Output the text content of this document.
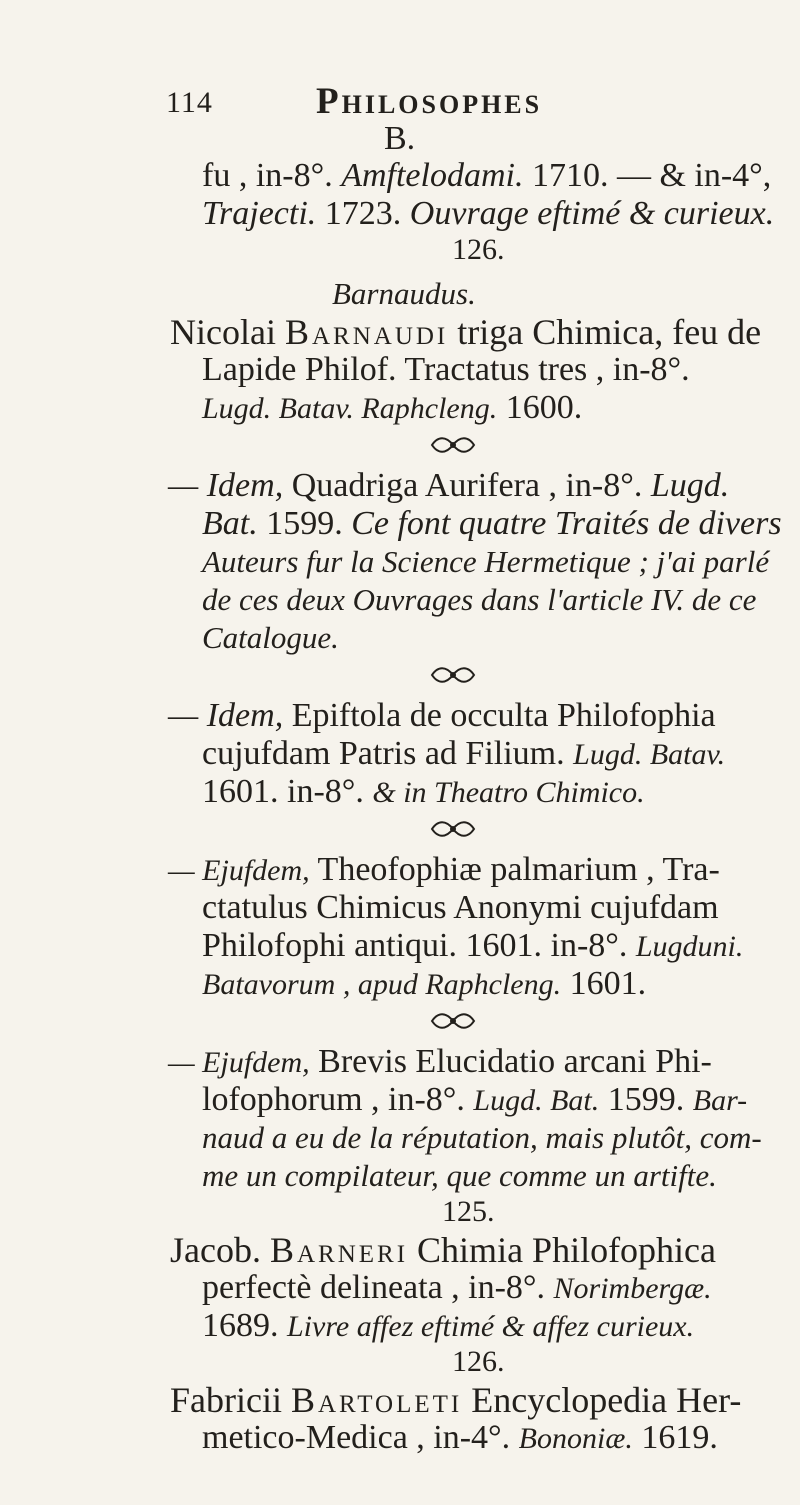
114	Philosophes
B.
fu , in-8°. Amftelodami. 1710. — & in-4°,
Trajecti. 1723. Ouvrage eftimé & curieux.
126.
Barnaudus.
Nicolai Barnaudi triga Chimica, feu de
Lapide Philof. Tractatus tres , in-8°.
Lugd. Batav. Raphcleng. 1600.
— Idem, Quadriga Aurifera , in-8°. Lugd.
Bat. 1599. Ce font quatre Traités de divers
Auteurs fur la Science Hermetique ; j'ai parlé
de ces deux Ouvrages dans l'article IV. de ce
Catalogue.
— Idem, Epiftola de occulta Philofophia
cujufdam Patris ad Filium. Lugd. Batav.
1601. in-8°. & in Theatro Chimico.
— Ejufdem, Theofophiæ palmarium , Tra-
ctatulus Chimicus Anonymi cujufdam
Philofophi antiqui. 1601. in-8°. Lugduni.
Batavorum , apud Raphcleng. 1601.
— Ejufdem, Brevis Elucidatio arcani Phi-
lofophorum , in-8°. Lugd. Bat. 1599. Bar-
naud a eu de la réputation, mais plutôt, com-
me un compilateur, que comme un artifte.
125.
Jacob. Barneri Chimia Philofophica
perfectè delineata , in-8°. Norimbergæ.
1689. Livre affez eftimé & affez curieux.
126.
Fabricii Bartoleti Encyclopedia Her-
metico-Medica , in-4°. Bononiæ. 1619.
